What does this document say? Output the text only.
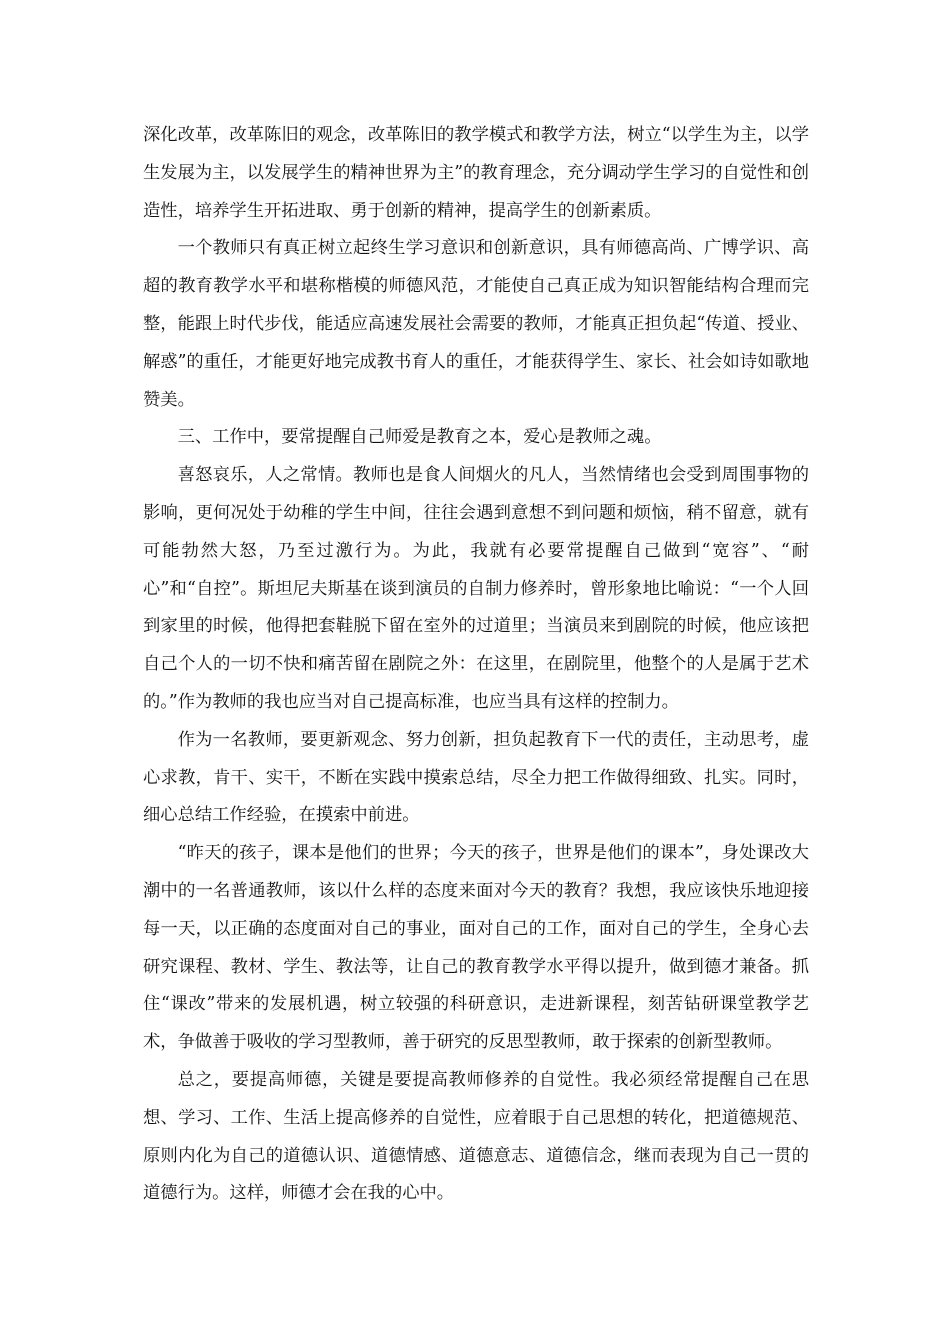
深化改革，改革陈旧的观念，改革陈旧的教学模式和教学方法，树立“以学生为主，以学生发展为主，以发展学生的精神世界为主”的教育理念，充分调动学生学习的自觉性和创造性，培养学生开拓进取、勇于创新的精神，提高学生的创新素质。

一个教师只有真正树立起终生学习意识和创新意识，具有师德高尚、广博学识、高超的教育教学水平和堪称楷模的师德风范，才能使自己真正成为知识智能结构合理而完整，能跟上时代步伐，能适应高速发展社会需要的教师，才能真正担负起“传道、授业、解惑”的重任，才能更好地完成教书育人的重任，才能获得学生、家长、社会如诗如歌地赞美。

三、工作中，要常提醒自己师爱是教育之本，爱心是教师之魂。

喜怒哀乐，人之常情。教师也是食人间烟火的凡人，当然情绪也会受到周围事物的影响，更何况处于幼稚的学生中间，往往会遇到意想不到问题和烦恼，稍不留意，就有可能勃然大怒，乃至过激行为。为此，我就有必要常提醒自己做到“宽容”、“耐心”和“自控”。斯坦尼夫斯基在谈到演员的自制力修养时，曾形象地比喻说：“一个人回到家里的时候，他得把套鞋脱下留在室外的过道里；当演员来到剧院的时候，他应该把自己个人的一切不快和痛苦留在剧院之外：在这里，在剧院里，他整个的人是属于艺术的。”作为教师的我也应当对自己提高标准，也应当具有这样的控制力。

作为一名教师，要更新观念、努力创新，担负起教育下一代的责任，主动思考，虚心求教，肯干、实干，不断在实践中摸索总结，尽全力把工作做得细致、扎实。同时，细心总结工作经验，在摸索中前进。

“昨天的孩子，课本是他们的世界；今天的孩子，世界是他们的课本”，身处课改大潮中的一名普通教师，该以什么样的态度来面对今天的教育？我想，我应该快乐地迎接每一天，以正确的态度面对自己的事业，面对自己的工作，面对自己的学生，全身心去研究课程、教材、学生、教法等，让自己的教育教学水平得以提升，做到德才兼备。抓住“课改”带来的发展机遇，树立较强的科研意识，走进新课程，刻苦钻研课堂教学艺术，争做善于吸收的学习型教师，善于研究的反思型教师，敢于探索的创新型教师。

总之，要提高师德，关键是要提高教师修养的自觉性。我必须经常提醒自己在思想、学习、工作、生活上提高修养的自觉性，应着眼于自己思想的转化，把道德规范、原则内化为自己的道德认识、道德情感、道德意志、道德信念，继而表现为自己一贯的道德行为。这样，师德才会在我的心中。
